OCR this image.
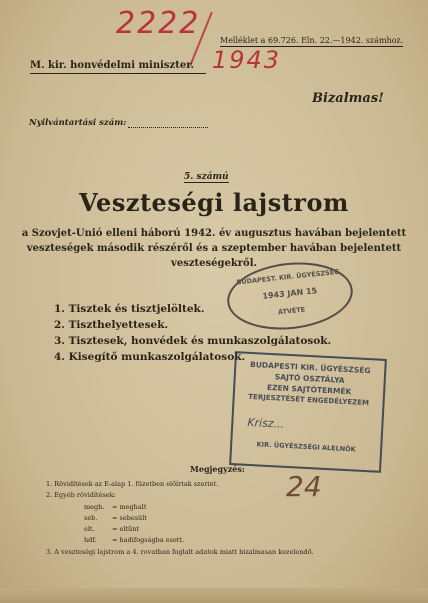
2222
1943
Melléklet a 69.726. Eln. 22.—1942. számhoz.
M. kir. honvédelmi miniszter.
Bizalmas!
Nyilvántartási szám:
5. számú
Veszteségi lajstrom
a Szovjet-Unió elleni háború 1942. év augusztus havában bejelentett veszteségek második részéről és a szeptember havában bejelentett veszteségekről.
1. Tisztek és tisztjelöltek.
2. Tiszthelyettesek.
3. Tisztesek, honvédek és munkaszolgálatosok.
4. Kisegítő munkaszolgálatosok.
BUDAPEST. KIR. ÜGYÉSZSÉG
1943 JAN 15
ÁTVÉTE
BUDAPESTI KIR. ÜGYÉSZSÉG
SAJTÓ OSZTÁLYA
EZEN SAJTÓTERMÉK
TERJESZTÉSÉT ENGEDÉLYEZEM
Krisz...
KIR. ÜGYÉSZSÉGI ALELNÖK
24
Megjegyzés:
1. Rövidítések az E-alap 1. füzetben előírtak szerint.
2. Egyéb rövidítések:
megh. = meghalt
seb. = sebesült
elt.	= eltűnt
hdf. = hadifogságba esett.
3. A veszteségi lajstrom a 4. rovatban foglalt adatok miatt bizalmasan kezelendő.
